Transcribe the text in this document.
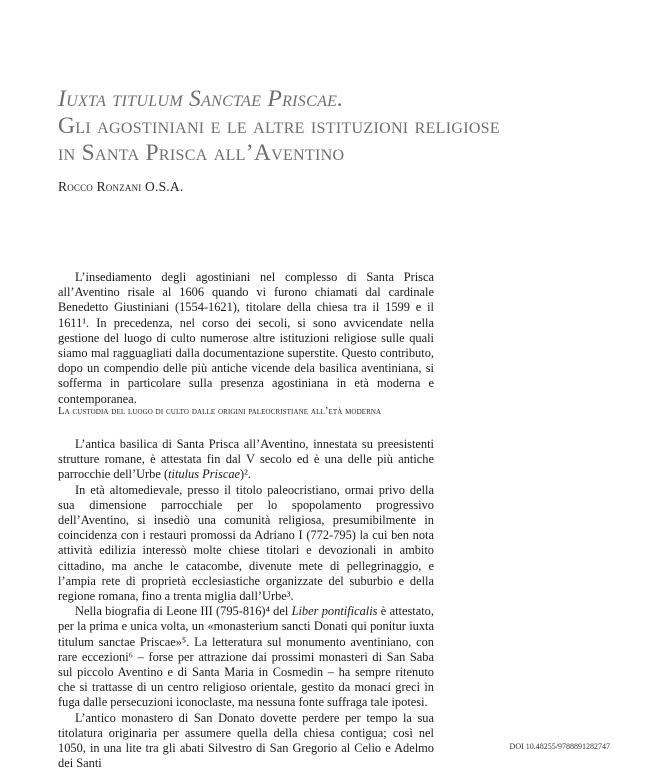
Iuxta titulum Sanctae Priscae.
Gli agostiniani e le altre istituzioni religiose
in Santa Prisca all’Aventino
Rocco Ronzani O.S.A.

L’insediamento degli agostiniani nel complesso di Santa Prisca all’Aventino risale al 1606 quando vi furono chiamati dal cardinale Benedetto Giustiniani (1554-1621), titolare della chiesa tra il 1599 e il 1611¹. In precedenza, nel corso dei secoli, si sono avvicendate nella gestione del luogo di culto numerose altre istituzioni religiose sulle quali siamo mal ragguagliati dalla documentazione superstite. Questo contributo, dopo un compendio delle più antiche vicende dela basilica aventiniana, si sofferma in particolare sulla presenza agostiniana in età moderna e contemporanea.

La custodia del luogo di culto dalle origini paleocristiane all’età moderna

L’antica basilica di Santa Prisca all’Aventino, innestata su preesistenti strutture romane, è attestata fin dal V secolo ed è una delle più antiche parrocchie dell’Urbe (titulus Priscae)².

In età altomedievale, presso il titolo paleocristiano, ormai privo della sua dimensione parrocchiale per lo spopolamento progressivo dell’Aventino, si insediò una comunità religiosa, presumibilmente in coincidenza con i restauri promossi da Adriano I (772-795) la cui ben nota attività edilizia interessò molte chiese titolari e devozionali in ambito cittadino, ma anche le catacombe, divenute mete di pellegrinaggio, e l’ampia rete di proprietà ecclesiastiche organizzate del suburbio e della regione romana, fino a trenta miglia dall’Urbe³.

Nella biografia di Leone III (795-816)⁴ del Liber pontificalis è attestato, per la prima e unica volta, un «monasterium sancti Donati qui ponitur iuxta titulum sanctae Priscae»⁵. La letteratura sul monumento aventiniano, con rare eccezioni⁶ – forse per attrazione dai prossimi monasteri di San Saba sul piccolo Aventino e di Santa Maria in Cosmedin – ha sempre ritenuto che si trattasse di un centro religioso orientale, gestito da monaci greci in fuga dalle persecuzioni iconoclaste, ma nessuna fonte suffraga tale ipotesi.

L’antico monastero di San Donato dovette perdere per tempo la sua titolatura originaria per assumere quella della chiesa contigua; così nel 1050, in una lite tra gli abati Silvestro di San Gregorio al Celio e Adelmo dei Santi

DOI 10.48255/9788891282747
